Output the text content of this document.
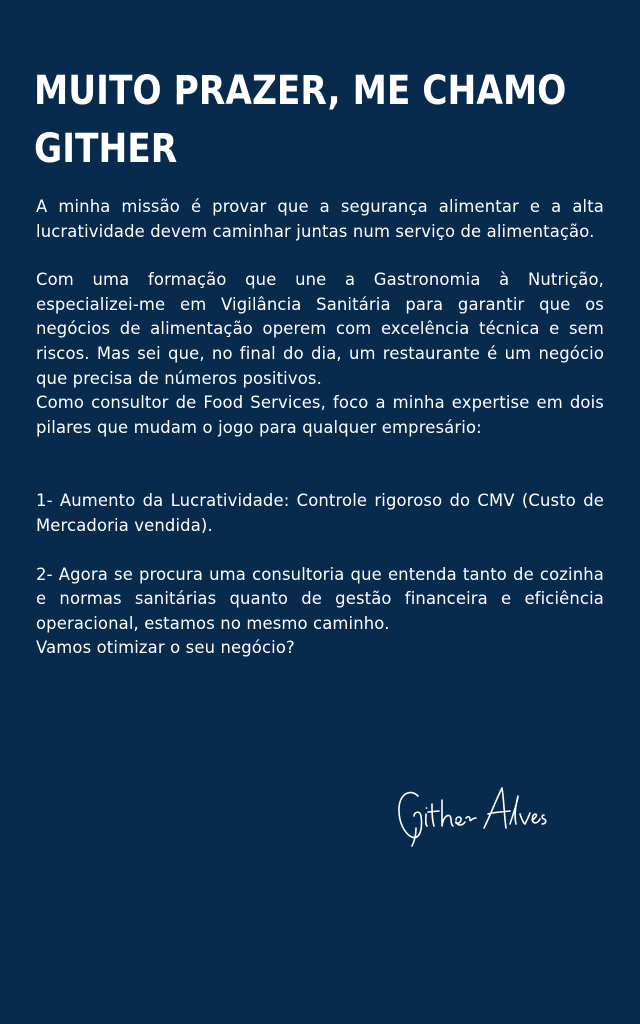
MUITO PRAZER, ME CHAMO
GITHER

A minha missão é provar que a segurança alimentar e a alta lucratividade devem caminhar juntas num serviço de alimentação.

Com uma formação que une a Gastronomia à Nutrição, especializei-me em Vigilância Sanitária para garantir que os negócios de alimentação operem com excelência técnica e sem riscos. Mas sei que, no final do dia, um restaurante é um negócio que precisa de números positivos.

Como consultor de Food Services, foco a minha expertise em dois pilares que mudam o jogo para qualquer empresário:

1- Aumento da Lucratividade: Controle rigoroso do CMV (Custo de Mercadoria vendida).

2- Agora se procura uma consultoria que entenda tanto de cozinha e normas sanitárias quanto de gestão financeira e eficiência operacional, estamos no mesmo caminho.

Vamos otimizar o seu negócio?
